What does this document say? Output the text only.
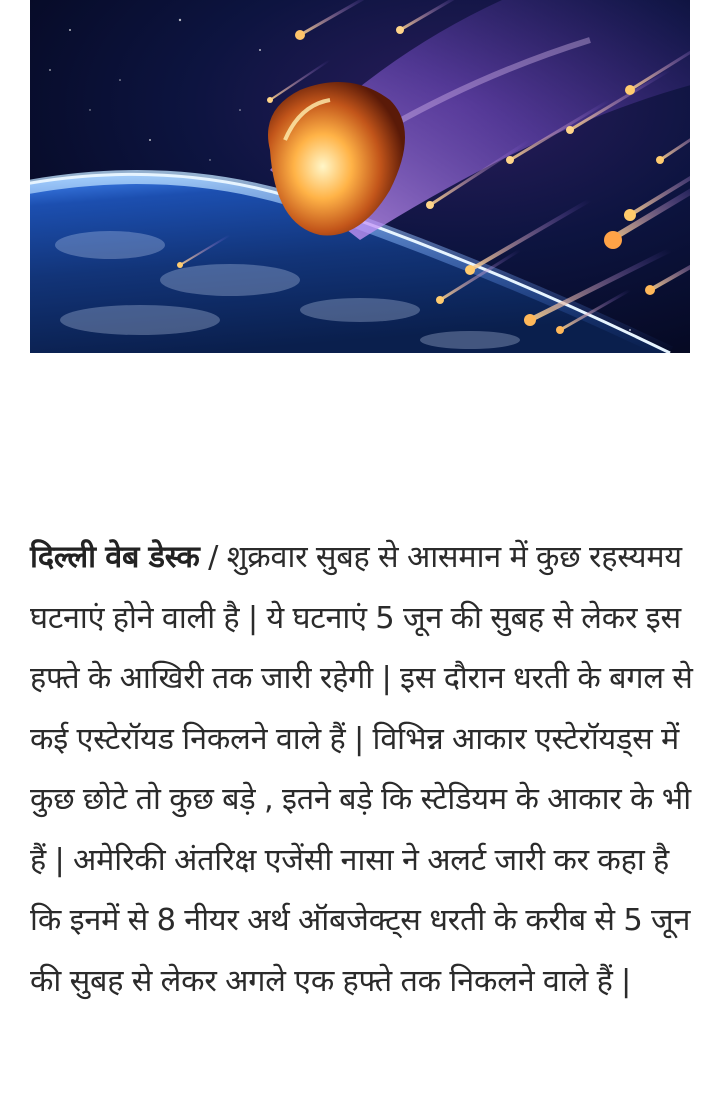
दिल्ली वेब डेस्क / शुक्रवार सुबह से आसमान में कुछ रहस्यमय घटनाएं होने वाली है | ये घटनाएं 5 जून की सुबह से लेकर इस हफ्ते के आखिरी तक जारी रहेगी | इस दौरान धरती के बगल से कई एस्टेरॉयड निकलने वाले हैं | विभिन्न आकार एस्टेरॉयड्स में कुछ छोटे तो कुछ बड़े , इतने बड़े कि स्टेडियम के आकार के भी हैं | अमेरिकी अंतरिक्ष एजेंसी नासा ने अलर्ट जारी कर कहा है कि इनमें से 8 नीयर अर्थ ऑबजेक्ट्स धरती के करीब से 5 जून की सुबह से लेकर अगले एक हफ्ते तक निकलने वाले हैं |
